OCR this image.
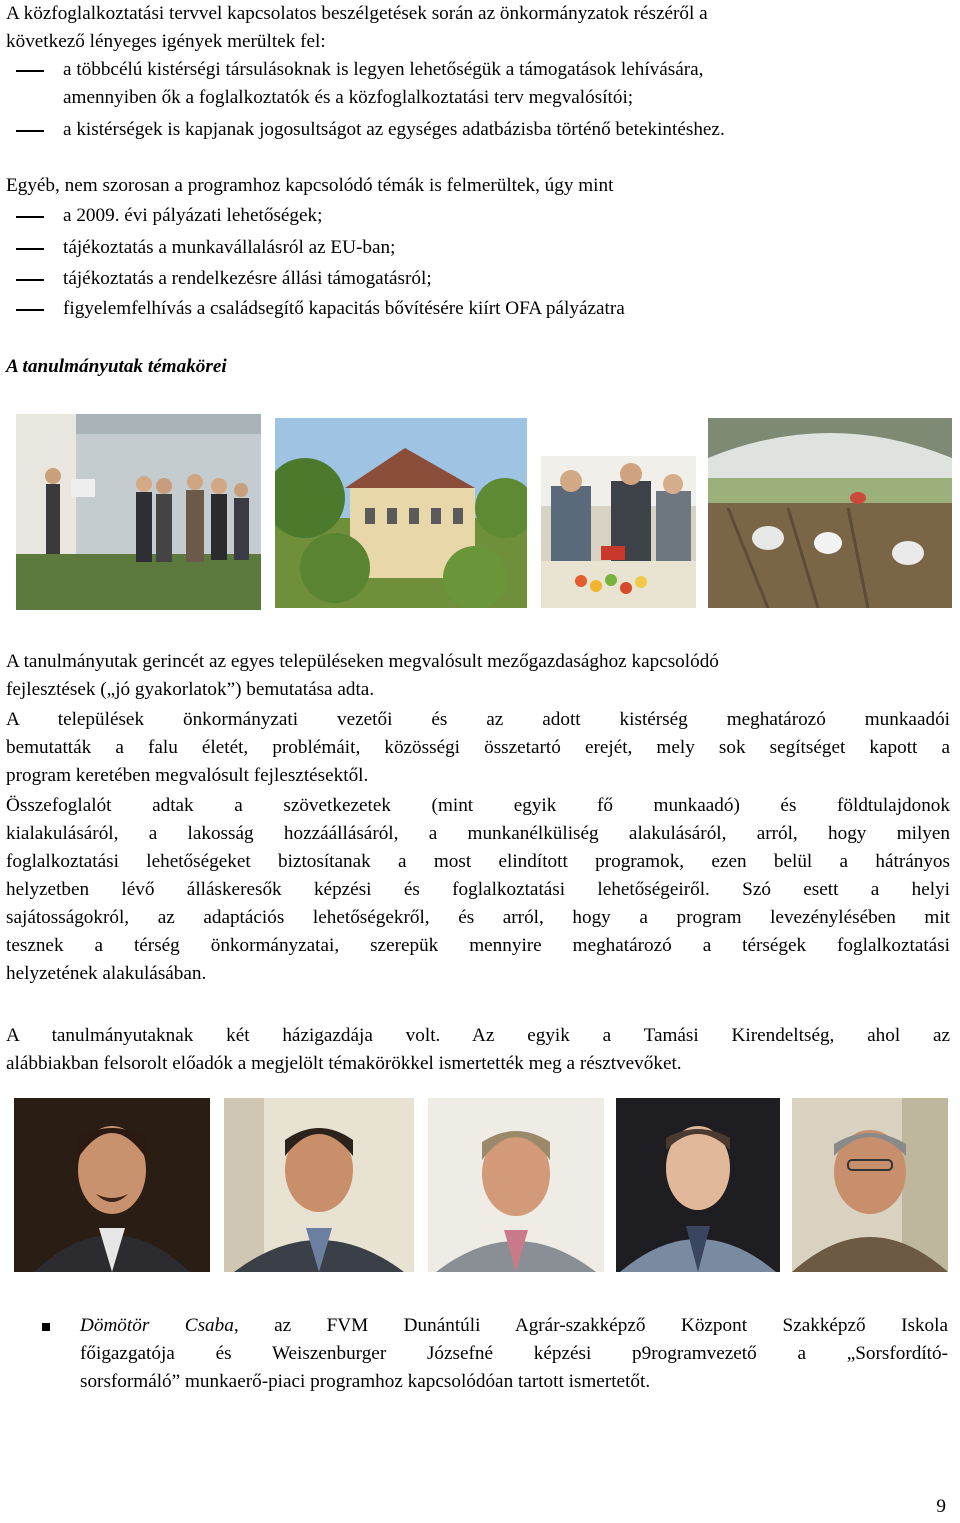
A közfoglalkoztatási tervvel kapcsolatos beszélgetések során az önkormányzatok részéről a
következő lényeges igények merültek fel:

a többcélú kistérségi társulásoknak is legyen lehetőségük a támogatások lehívására,
amennyiben ők a foglalkoztatók és a közfoglalkoztatási terv megvalósítói;
a kistérségek is kapjanak jogosultságot az egységes adatbázisba történő betekintéshez.

Egyéb, nem szorosan a programhoz kapcsolódó témák is felmerültek, úgy mint

a 2009. évi pályázati lehetőségek;
tájékoztatás a munkavállalásról az EU-ban;
tájékoztatás a rendelkezésre állási támogatásról;
figyelemfelhívás a családsegítő kapacitás bővítésére kiírt OFA pályázatra
A tanulmányutak témakörei

A tanulmányutak gerincét az egyes településeken megvalósult mezőgazdasághoz kapcsolódó
fejlesztések („jó gyakorlatok”) bemutatása adta.

A települések önkormányzati vezetői és az adott kistérség meghatározó munkaadói
bemutatták a falu életét, problémáit, közösségi összetartó erejét, mely sok segítséget kapott a
program keretében megvalósult fejlesztésektől.

Összefoglalót adtak a szövetkezetek (mint egyik fő munkaadó) és földtulajdonok
kialakulásáról, a lakosság hozzáállásáról, a munkanélküliség alakulásáról, arról, hogy milyen
foglalkoztatási lehetőségeket biztosítanak a most elindított programok, ezen belül a hátrányos
helyzetben lévő álláskeresők képzési és foglalkoztatási lehetőségeiről. Szó esett a helyi
sajátosságokról, az adaptációs lehetőségekről, és arról, hogy a program levezénylésében mit
tesznek a térség önkormányzatai, szerepük mennyire meghatározó a térségek foglalkoztatási
helyzetének alakulásában.

A tanulmányutaknak két házigazdája volt. Az egyik a Tamási Kirendeltség, ahol az
alábbiakban felsorolt előadók a megjelölt témakörökkel ismertették meg a résztvevőket.

Dömötör Csaba, az FVM Dunántúli Agrár-szakképző Központ Szakképző Iskola
főigazgatója és Weiszenburger Józsefné képzési p9rogramvezető a „Sorsfordító-
sorsformáló” munkaerő-piaci programhoz kapcsolódóan tartott ismertetőt.
9
